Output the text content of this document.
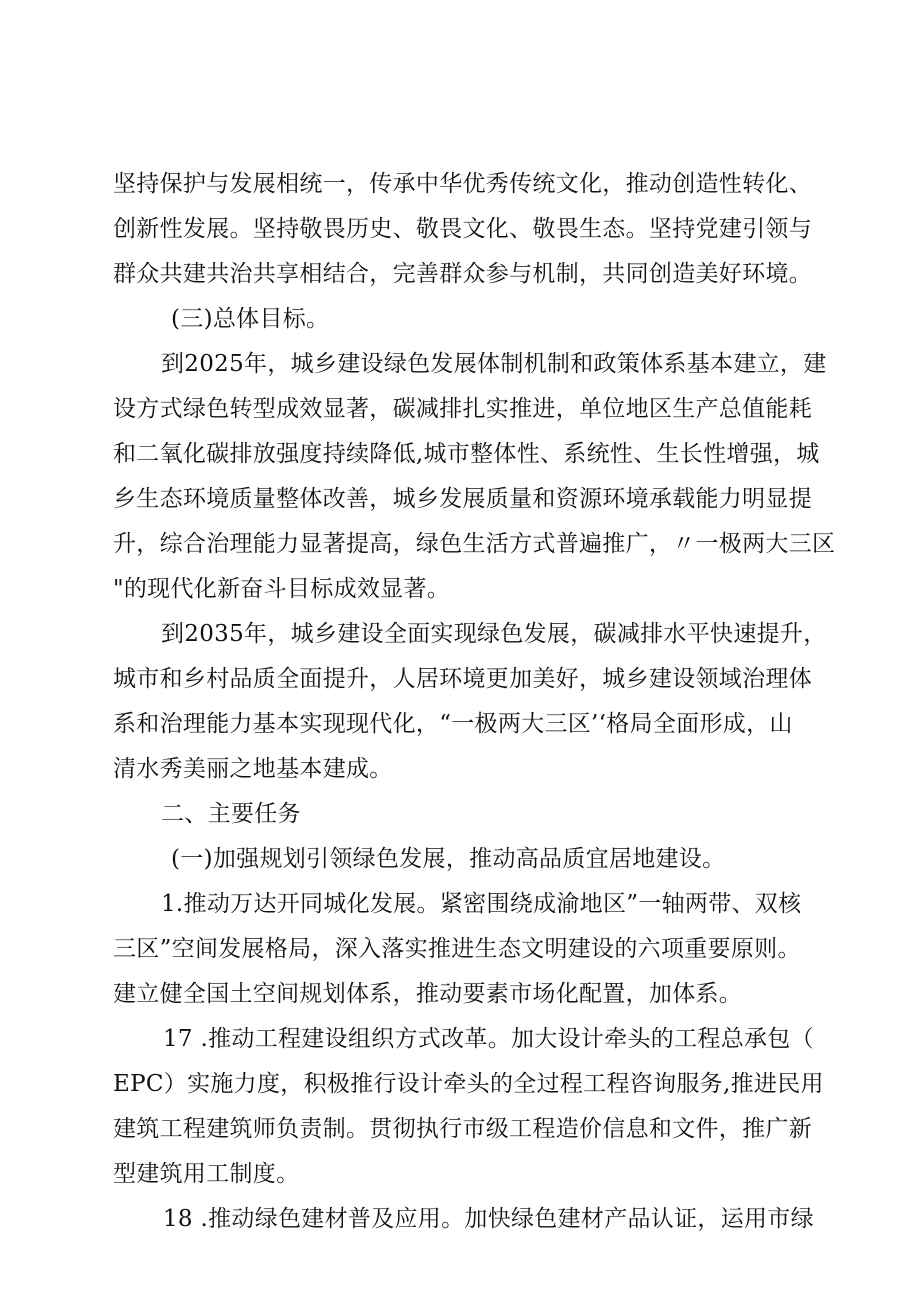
坚持保护与发展相统一，传承中华优秀传统文化，推动创造性转化、
创新性发展。坚持敬畏历史、敬畏文化、敬畏生态。坚持党建引领与
群众共建共治共享相结合，完善群众参与机制，共同创造美好环境。
(三)总体目标。
到2025年，城乡建设绿色发展体制机制和政策体系基本建立，建
设方式绿色转型成效显著，碳减排扎实推进，单位地区生产总值能耗
和二氧化碳排放强度持续降低,城市整体性、系统性、生长性增强，城
乡生态环境质量整体改善，城乡发展质量和资源环境承载能力明显提
升，综合治理能力显著提高，绿色生活方式普遍推广，〃一极两大三区
"的现代化新奋斗目标成效显著。
到2035年，城乡建设全面实现绿色发展，碳减排水平快速提升，
城市和乡村品质全面提升，人居环境更加美好，城乡建设领域治理体
系和治理能力基本实现现代化，“一极两大三区’‘格局全面形成，山
清水秀美丽之地基本建成。
二、主要任务
(一)加强规划引领绿色发展，推动高品质宜居地建设。
1.推动万达开同城化发展。紧密围绕成渝地区”一轴两带、双核
三区”空间发展格局，深入落实推进生态文明建设的六项重要原则。
建立健全国土空间规划体系，推动要素市场化配置，加体系。
17 .推动工程建设组织方式改革。加大设计牵头的工程总承包（
EPC）实施力度，积极推行设计牵头的全过程工程咨询服务,推进民用
建筑工程建筑师负责制。贯彻执行市级工程造价信息和文件，推广新
型建筑用工制度。
18 .推动绿色建材普及应用。加快绿色建材产品认证，运用市绿
